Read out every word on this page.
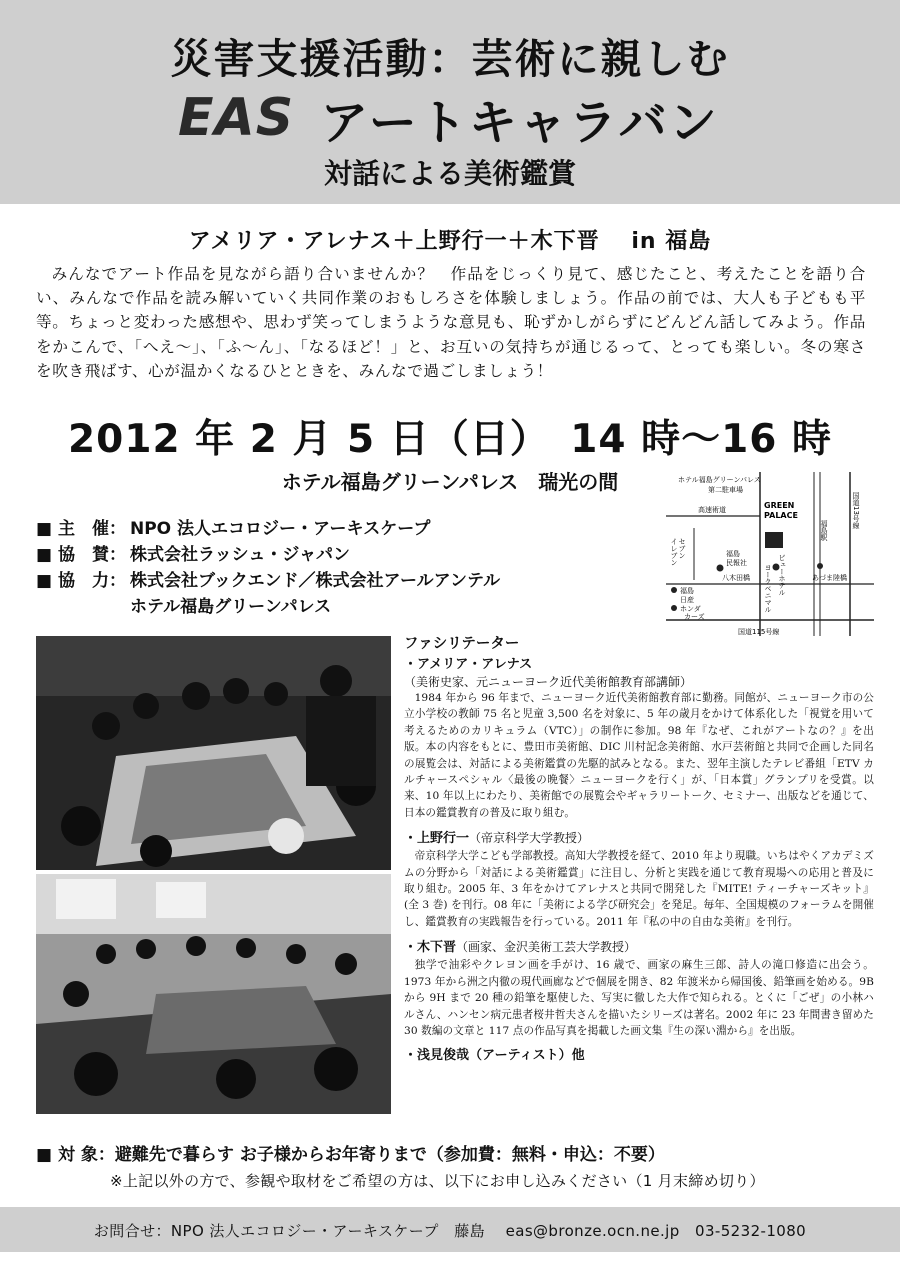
災害支援活動：芸術に親しむ
EAS アートキャラバン
対話による美術鑑賞
アメリア・アレナス＋上野行一＋木下晋　 in 福島

みんなでアート作品を見ながら語り合いませんか？　作品をじっくり見て、感じたこと、考えたことを語り合い、みんなで作品を読み解いていく共同作業のおもしろさを体験しましょう。作品の前では、大人も子どもも平等。ちょっと変わった感想や、思わず笑ってしまうような意見も、恥ずかしがらずにどんどん話してみよう。作品をかこんで、「へえ～」、「ふ～ん」、「なるほど！」と、お互いの気持ちが通じるって、とっても楽しい。冬の寒さを吹き飛ばす、心が温かくなるひとときを、みんなで過ごしましょう！

2012 年 2 月 5 日（日）　14 時～16 時
ホテル福島グリーンパレス　瑞光の間
■ 主　催： NPO 法人エコロジー・アーキスケープ
■ 協　賛： 株式会社ラッシュ・ジャパン
■ 協　力： 株式会社ブックエンド／株式会社アールアンテル
ホテル福島グリーンパレス
ホテル福島グリーンパレス
第二駐車場
GREEN
PALACE
高速術道
福島駅
国道13号線
国道115号線
セブン
イレブン	福島
民報社
八木田橋	あづま陸橋
福島
日産
ホンダ
カーズ
ビューホテル
ヨークベニマル
ファシリテーター
・アメリア・アレナス
（美術史家、元ニューヨーク近代美術館教育部講師）

1984 年から 96 年まで、ニューヨーク近代美術館教育部に勤務。同館が、ニューヨーク市の公立小学校の教師 75 名と児童 3,500 名を対象に、5 年の歳月をかけて体系化した「視覚を用いて考えるためのカリキュラム（VTC）」の制作に参加。98 年『なぜ、これがアートなの？』を出版。本の内容をもとに、豊田市美術館、DIC 川村記念美術館、水戸芸術館と共同で企画した同名の展覧会は、対話による美術鑑賞の先駆的試みとなる。また、翌年主演したテレビ番組「ETV カルチャースペシャル〈最後の晩餐〉ニューヨークを行く」が、「日本賞」グランプリを受賞。以来、10 年以上にわたり、美術館での展覧会やギャラリートーク、セミナー、出版などを通じて、日本の鑑賞教育の普及に取り組む。

・上野行一（帝京科学大学教授）

帝京科学大学こども学部教授。高知大学教授を経て、2010 年より現職。いちはやくアカデミズムの分野から「対話による美術鑑賞」に注目し、分析と実践を通じて教育現場への応用と普及に取り組む。2005 年、3 年をかけてアレナスと共同で開発した『MITE! ティーチャーズキット』(全 3 巻) を刊行。08 年に「美術による学び研究会」を発足。毎年、全国規模のフォーラムを開催し、鑑賞教育の実践報告を行っている。2011 年『私の中の自由な美術』を刊行。

・木下晋（画家、金沢美術工芸大学教授）

独学で油彩やクレヨン画を手がけ、16 歳で、画家の麻生三郎、詩人の滝口修造に出会う。1973 年から洲之内徹の現代画廊などで個展を開き、82 年渡米から帰国後、鉛筆画を始める。9B から 9H まで 20 種の鉛筆を駆使した、写実に徹した大作で知られる。とくに「ごぜ」の小林ハルさん、ハンセン病元患者桜井哲夫さんを描いたシリーズは著名。2002 年に 23 年間書き留めた 30 数編の文章と 117 点の作品写真を掲載した画文集『生の深い淵から』を出版。

・浅見俊哉（アーティスト）他
■ 対 象：避難先で暮らす お子様からお年寄りまで（参加費：無料・申込：不要）
※上記以外の方で、参観や取材をご希望の方は、以下にお申し込みください（1 月末締め切り）
お問合せ：NPO 法人エコロジー・アーキスケープ　藤島　 eas@bronze.ocn.ne.jp　03-5232-1080
